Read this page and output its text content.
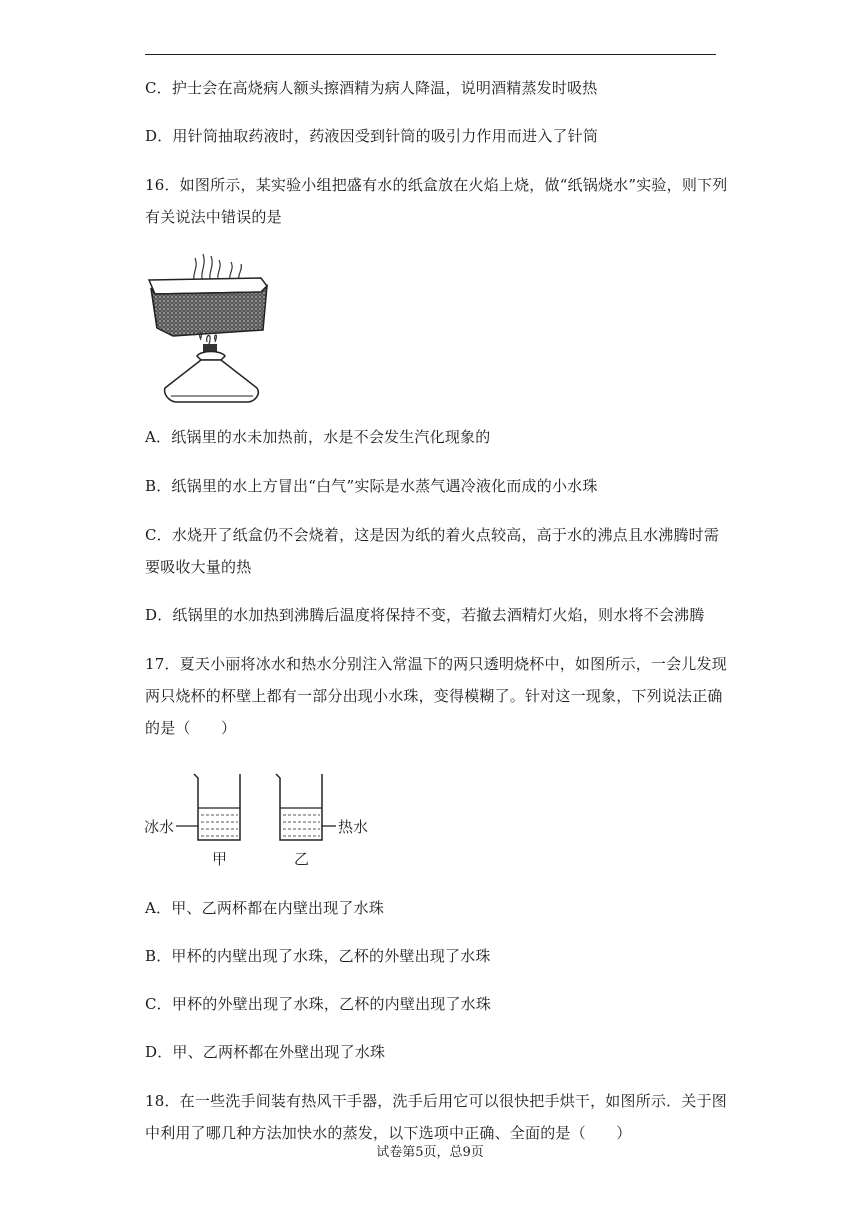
C．护士会在高烧病人额头擦酒精为病人降温，说明酒精蒸发时吸热
D．用针筒抽取药液时，药液因受到针筒的吸引力作用而进入了针筒
16．如图所示，某实验小组把盛有水的纸盒放在火焰上烧，做“纸锅烧水”实验，则下列
有关说法中错误的是
A．纸锅里的水未加热前，水是不会发生汽化现象的
B．纸锅里的水上方冒出“白气”实际是水蒸气遇冷液化而成的小水珠
C．水烧开了纸盒仍不会烧着，这是因为纸的着火点较高，高于水的沸点且水沸腾时需
要吸收大量的热
D．纸锅里的水加热到沸腾后温度将保持不变，若撤去酒精灯火焰，则水将不会沸腾
17．夏天小丽将冰水和热水分别注入常温下的两只透明烧杯中，如图所示，一会儿发现
两只烧杯的杯壁上都有一部分出现小水珠，变得模糊了。针对这一现象，下列说法正确
的是（　　）
冰水
甲
热水
乙
A．甲、乙两杯都在内壁出现了水珠
B．甲杯的内壁出现了水珠，乙杯的外壁出现了水珠
C．甲杯的外壁出现了水珠，乙杯的内壁出现了水珠
D．甲、乙两杯都在外壁出现了水珠
18．在一些洗手间装有热风干手器，洗手后用它可以很快把手烘干，如图所示．关于图
中利用了哪几种方法加快水的蒸发，以下选项中正确、全面的是（　　）
试卷第5页，总9页
